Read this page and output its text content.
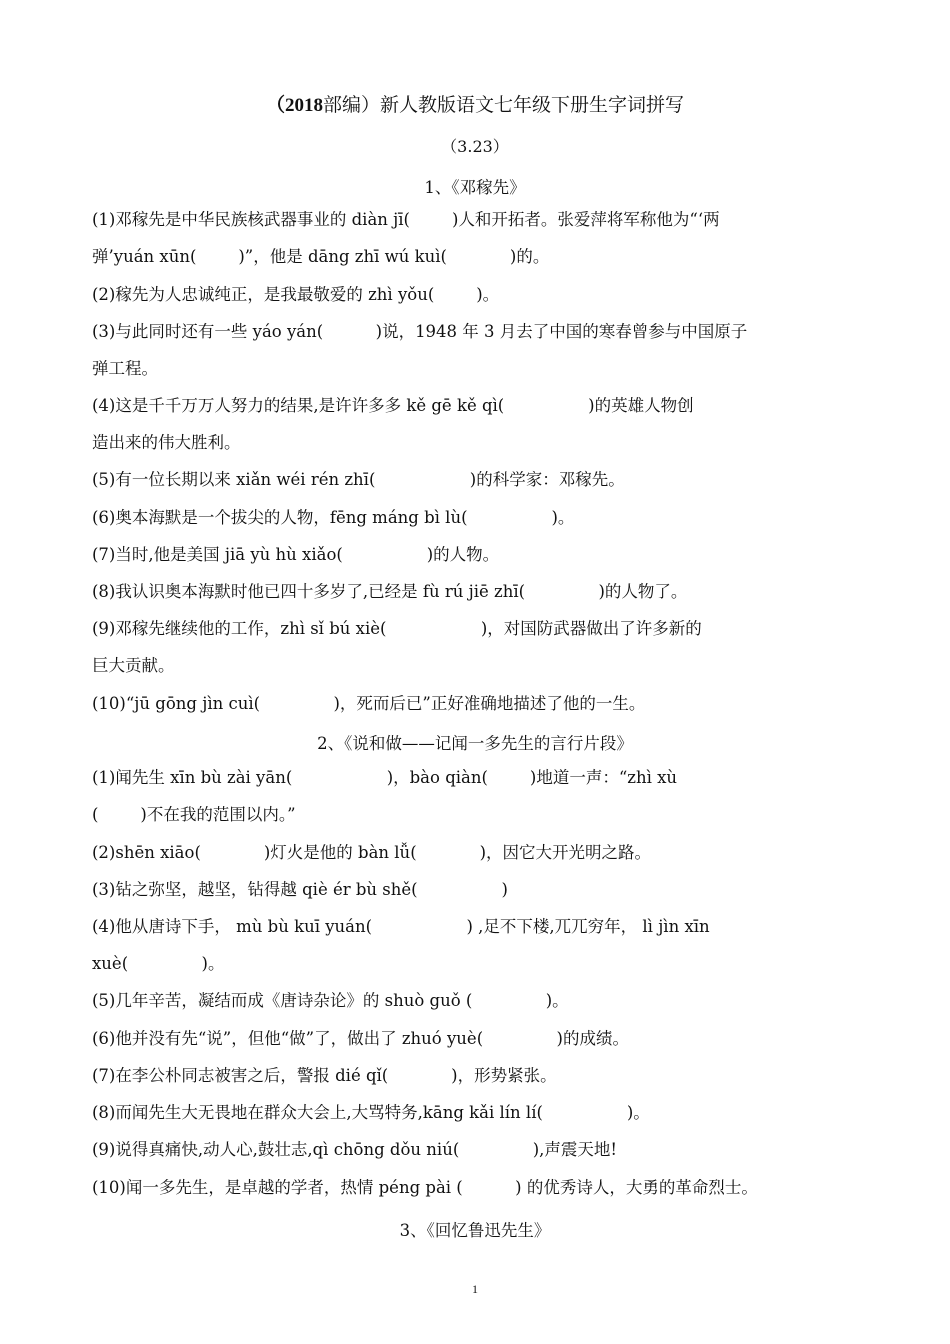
（2018部编）新人教版语文七年级下册生字词拼写
（3.23）
1、《邓稼先》
(1)邓稼先是中华民族核武器事业的 diàn jī(        )人和开拓者。张爱萍将军称他为“‘两
弹’yuán xūn(        )”，他是 dāng zhī wú kuì(            )的。
(2)稼先为人忠诚纯正，是我最敬爱的 zhì yǒu(        )。
(3)与此同时还有一些 yáo yán(          )说，1948 年 3 月去了中国的寒春曾参与中国原子
弹工程。
(4)这是千千万万人努力的结果,是许许多多 kě gē kě qì(                )的英雄人物创
造出来的伟大胜利。
(5)有一位长期以来 xiǎn wéi rén zhī(                  )的科学家：邓稼先。
(6)奥本海默是一个拔尖的人物，fēng máng bì lù(                )。
(7)当时,他是美国 jiā yù hù xiǎo(                )的人物。
(8)我认识奥本海默时他已四十多岁了,已经是 fù rú jiē zhī(              )的人物了。
(9)邓稼先继续他的工作，zhì sǐ bú xiè(                  )，对国防武器做出了许多新的
巨大贡献。
(10)“jū gōng jìn cuì(              )，死而后已”正好准确地描述了他的一生。
2、《说和做——记闻一多先生的言行片段》
(1)闻先生 xīn bù zài yān(                  )，bào qiàn(        )地道一声：“zhì xù
(        )不在我的范围以内。”
(2)shēn xiāo(            )灯火是他的 bàn lǚ(            )，因它大开光明之路。
(3)钻之弥坚，越坚，钻得越 qiè ér bù shě(                )
(4)他从唐诗下手， mù bù kuī yuán(                  ) ,足不下楼,兀兀穷年， lì jìn xīn
xuè(              )。
(5)几年辛苦，凝结而成《唐诗杂论》的 shuò guǒ (              )。
(6)他并没有先“说”，但他“做”了，做出了 zhuó yuè(              )的成绩。
(7)在李公朴同志被害之后，警报 dié qǐ(            )，形势紧张。
(8)而闻先生大无畏地在群众大会上,大骂特务,kāng kǎi lín lí(                )。
(9)说得真痛快,动人心,鼓壮志,qì chōng dǒu niú(              ),声震天地!
(10)闻一多先生，是卓越的学者，热情 péng pài (          ) 的优秀诗人，大勇的革命烈士。
3、《回忆鲁迅先生》
1
